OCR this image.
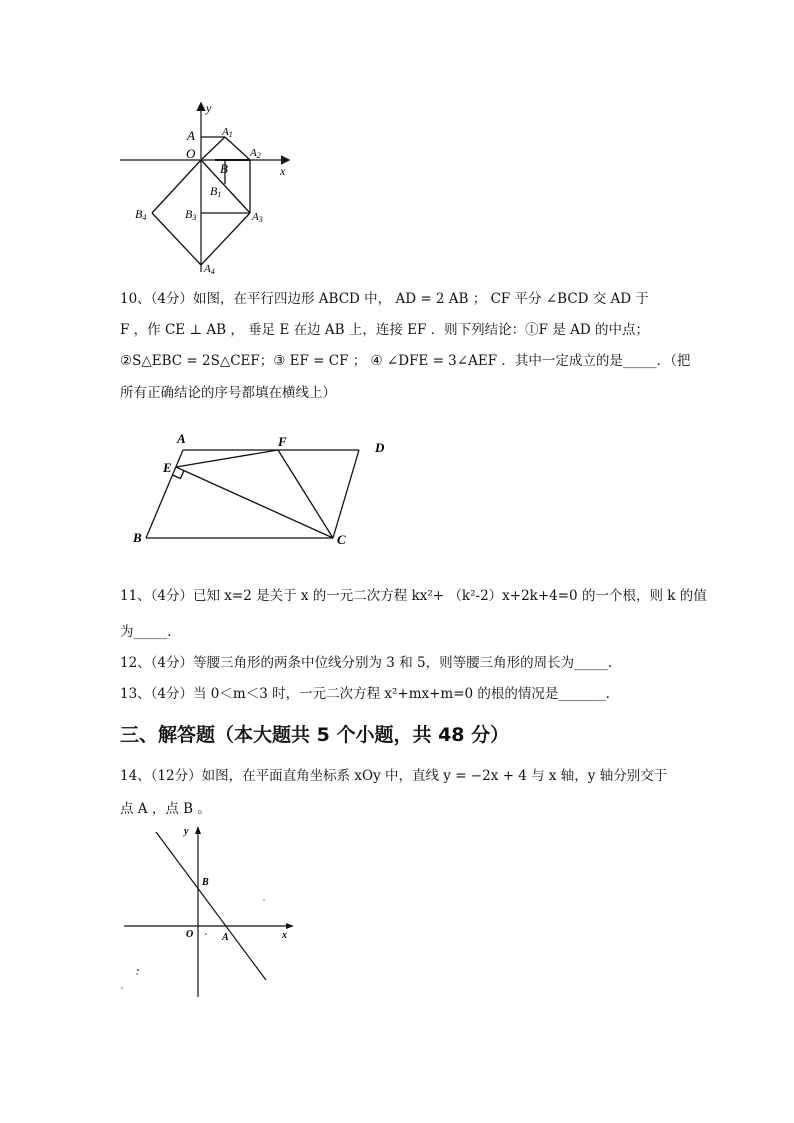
y
x
O
A A1
A2
B
B1
B3	A3
B4
A4
10、（4分）如图，在平行四边形 ABCD 中， AD = 2 AB ； CF 平分 ∠BCD 交 AD 于
F ，作 CE ⊥ AB ， 垂足 E 在边 AB 上，连接 EF ．则下列结论：①F 是 AD 的中点；
②S△EBC = 2S△CEF；③ EF = CF ； ④ ∠DFE = 3∠AEF ．其中一定成立的是_____．（把
所有正确结论的序号都填在横线上）
A	F	D
E
B	C
11、（4分）已知 x=2 是关于 x 的一元二次方程 kx²+ （k²-2）x+2k+4=0 的一个根，则 k 的值
为_____.
12、（4分）等腰三角形的两条中位线分别为 3 和 5，则等腰三角形的周长为_____.
13、（4分）当 0＜m＜3 时，一元二次方程 x²+mx+m=0 的根的情况是_______.
三、解答题（本大题共 5 个小题，共 48 分）
14、（12分）如图，在平面直角坐标系 xOy 中，直线 y = −2x + 4 与 x 轴，y 轴分别交于
点 A ，点 B 。
y
x
O
B
A
